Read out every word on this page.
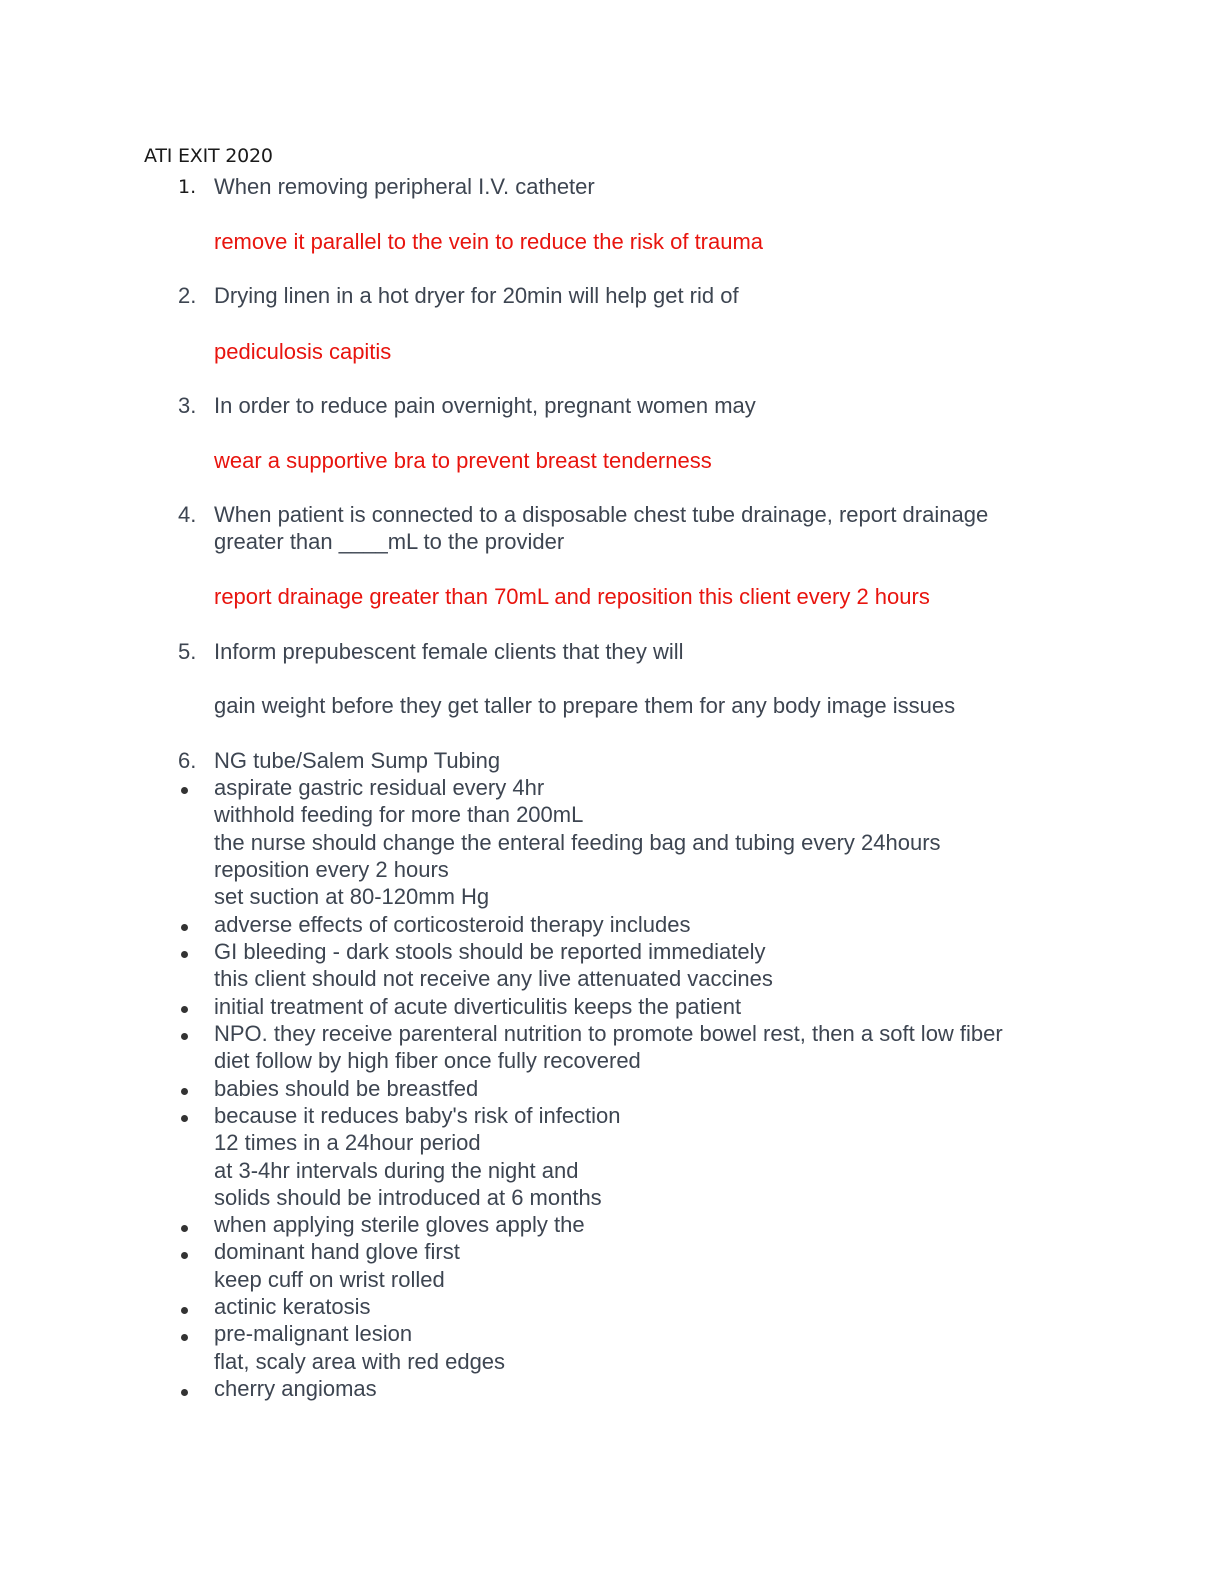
ATI EXIT 2020
1. When removing peripheral I.V. catheter
remove it parallel to the vein to reduce the risk of trauma
2. Drying linen in a hot dryer for 20min will help get rid of
pediculosis capitis
3. In order to reduce pain overnight, pregnant women may
wear a supportive bra to prevent breast tenderness
4. When patient is connected to a disposable chest tube drainage, report drainage
greater than ____mL to the provider
report drainage greater than 70mL and reposition this client every 2 hours
5. Inform prepubescent female clients that they will
gain weight before they get taller to prepare them for any body image issues
6. NG tube/Salem Sump Tubing
aspirate gastric residual every 4hr
withhold feeding for more than 200mL
the nurse should change the enteral feeding bag and tubing every 24hours
reposition every 2 hours
set suction at 80-120mm Hg
adverse effects of corticosteroid therapy includes
GI bleeding - dark stools should be reported immediately
this client should not receive any live attenuated vaccines
initial treatment of acute diverticulitis keeps the patient
NPO. they receive parenteral nutrition to promote bowel rest, then a soft low fiber
diet follow by high fiber once fully recovered
babies should be breastfed
because it reduces baby's risk of infection
12 times in a 24hour period
at 3-4hr intervals during the night and
solids should be introduced at 6 months
when applying sterile gloves apply the
dominant hand glove first
keep cuff on wrist rolled
actinic keratosis
pre-malignant lesion
flat, scaly area with red edges
cherry angiomas
